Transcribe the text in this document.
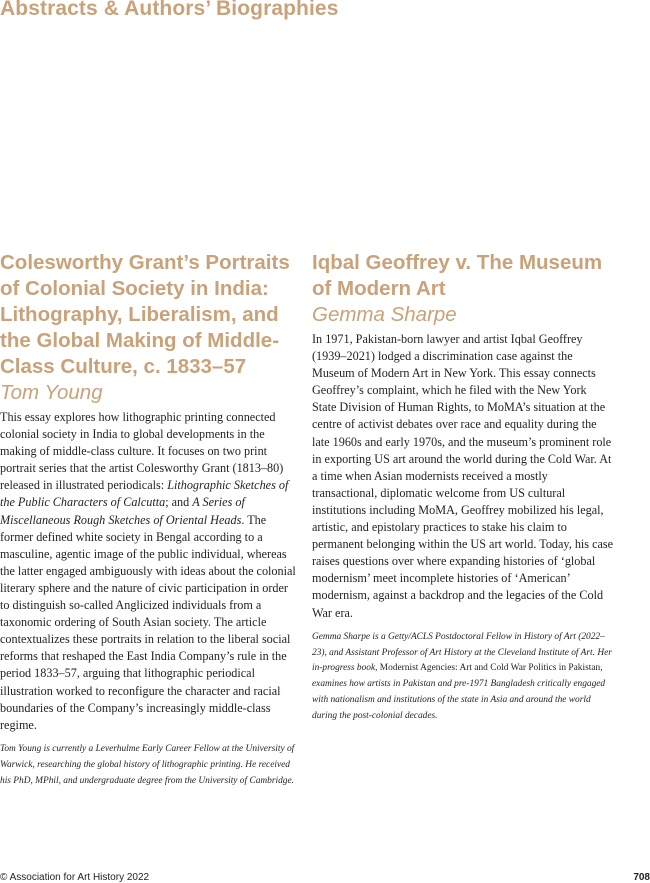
Abstracts & Authors’ Biographies
Colesworthy Grant’s Portraits of Colonial Society in India: Lithography, Liberalism, and the Global Making of Middle-Class Culture, c. 1833–57
Tom Young

This essay explores how lithographic printing connected colonial society in India to global developments in the making of middle-class culture. It focuses on two print portrait series that the artist Colesworthy Grant (1813–80) released in illustrated periodicals: Lithographic Sketches of the Public Characters of Calcutta; and A Series of Miscellaneous Rough Sketches of Oriental Heads. The former defined white society in Bengal according to a masculine, agentic image of the public individual, whereas the latter engaged ambiguously with ideas about the colonial literary sphere and the nature of civic participation in order to distinguish so-called Anglicized individuals from a taxonomic ordering of South Asian society. The article contextualizes these portraits in relation to the liberal social reforms that reshaped the East India Company’s rule in the period 1833–57, arguing that lithographic periodical illustration worked to reconfigure the character and racial boundaries of the Company’s increasingly middle-class regime.

Tom Young is currently a Leverhulme Early Career Fellow at the University of Warwick, researching the global history of lithographic printing. He received his PhD, MPhil, and undergraduate degree from the University of Cambridge.

Iqbal Geoffrey v. The Museum of Modern Art
Gemma Sharpe

In 1971, Pakistan-born lawyer and artist Iqbal Geoffrey (1939–2021) lodged a discrimination case against the Museum of Modern Art in New York. This essay connects Geoffrey’s complaint, which he filed with the New York State Division of Human Rights, to MoMA’s situation at the centre of activist debates over race and equality during the late 1960s and early 1970s, and the museum’s prominent role in exporting US art around the world during the Cold War. At a time when Asian modernists received a mostly transactional, diplomatic welcome from US cultural institutions including MoMA, Geoffrey mobilized his legal, artistic, and epistolary practices to stake his claim to permanent belonging within the US art world. Today, his case raises questions over where expanding histories of ‘global modernism’ meet incomplete histories of ‘American’ modernism, against a backdrop and the legacies of the Cold War era.

Gemma Sharpe is a Getty/ACLS Postdoctoral Fellow in History of Art (2022–23), and Assistant Professor of Art History at the Cleveland Institute of Art. Her in-progress book, Modernist Agencies: Art and Cold War Politics in Pakistan, examines how artists in Pakistan and pre-1971 Bangladesh critically engaged with nationalism and institutions of the state in Asia and around the world during the post-colonial decades.

© Association for Art History 2022	708
